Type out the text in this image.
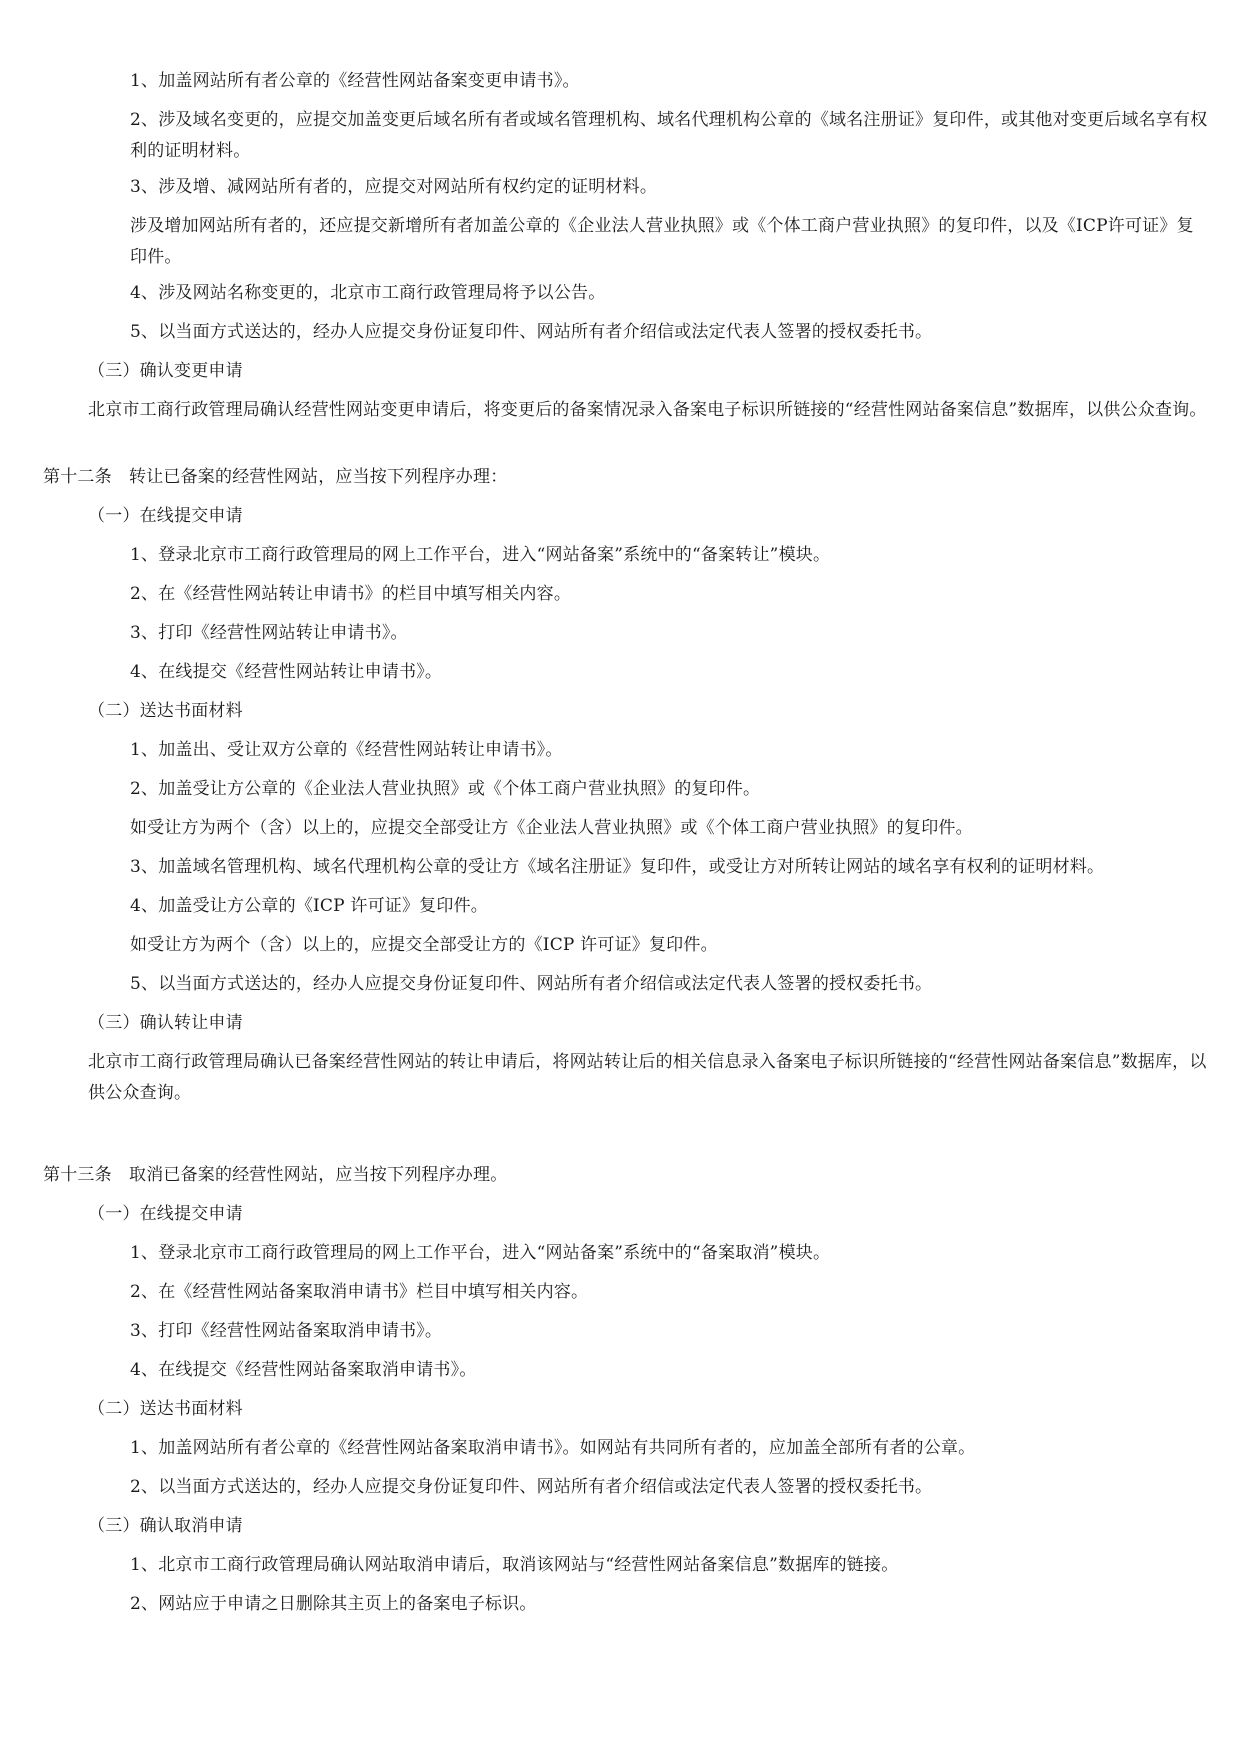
1、加盖网站所有者公章的《经营性网站备案变更申请书》。
2、涉及域名变更的，应提交加盖变更后域名所有者或域名管理机构、域名代理机构公章的《域名注册证》复印件，或其他对变更后域名享有权利的证明材料。
3、涉及增、减网站所有者的，应提交对网站所有权约定的证明材料。
涉及增加网站所有者的，还应提交新增所有者加盖公章的《企业法人营业执照》或《个体工商户营业执照》的复印件，以及《ICP许可证》复印件。
4、涉及网站名称变更的，北京市工商行政管理局将予以公告。
5、以当面方式送达的，经办人应提交身份证复印件、网站所有者介绍信或法定代表人签署的授权委托书。
（三）确认变更申请
北京市工商行政管理局确认经营性网站变更申请后，将变更后的备案情况录入备案电子标识所链接的“经营性网站备案信息”数据库，以供公众查询。
第十二条　转让已备案的经营性网站，应当按下列程序办理：
（一）在线提交申请
1、登录北京市工商行政管理局的网上工作平台，进入“网站备案”系统中的“备案转让”模块。
2、在《经营性网站转让申请书》的栏目中填写相关内容。
3、打印《经营性网站转让申请书》。
4、在线提交《经营性网站转让申请书》。
（二）送达书面材料
1、加盖出、受让双方公章的《经营性网站转让申请书》。
2、加盖受让方公章的《企业法人营业执照》或《个体工商户营业执照》的复印件。
如受让方为两个（含）以上的，应提交全部受让方《企业法人营业执照》或《个体工商户营业执照》的复印件。
3、加盖域名管理机构、域名代理机构公章的受让方《域名注册证》复印件，或受让方对所转让网站的域名享有权利的证明材料。
4、加盖受让方公章的《ICP 许可证》复印件。
如受让方为两个（含）以上的，应提交全部受让方的《ICP 许可证》复印件。
5、以当面方式送达的，经办人应提交身份证复印件、网站所有者介绍信或法定代表人签署的授权委托书。
（三）确认转让申请
北京市工商行政管理局确认已备案经营性网站的转让申请后，将网站转让后的相关信息录入备案电子标识所链接的“经营性网站备案信息”数据库，以供公众查询。
第十三条　取消已备案的经营性网站，应当按下列程序办理。
（一）在线提交申请
1、登录北京市工商行政管理局的网上工作平台，进入“网站备案”系统中的“备案取消”模块。
2、在《经营性网站备案取消申请书》栏目中填写相关内容。
3、打印《经营性网站备案取消申请书》。
4、在线提交《经营性网站备案取消申请书》。
（二）送达书面材料
1、加盖网站所有者公章的《经营性网站备案取消申请书》。如网站有共同所有者的，应加盖全部所有者的公章。
2、以当面方式送达的，经办人应提交身份证复印件、网站所有者介绍信或法定代表人签署的授权委托书。
（三）确认取消申请
1、北京市工商行政管理局确认网站取消申请后，取消该网站与“经营性网站备案信息”数据库的链接。
2、网站应于申请之日删除其主页上的备案电子标识。
